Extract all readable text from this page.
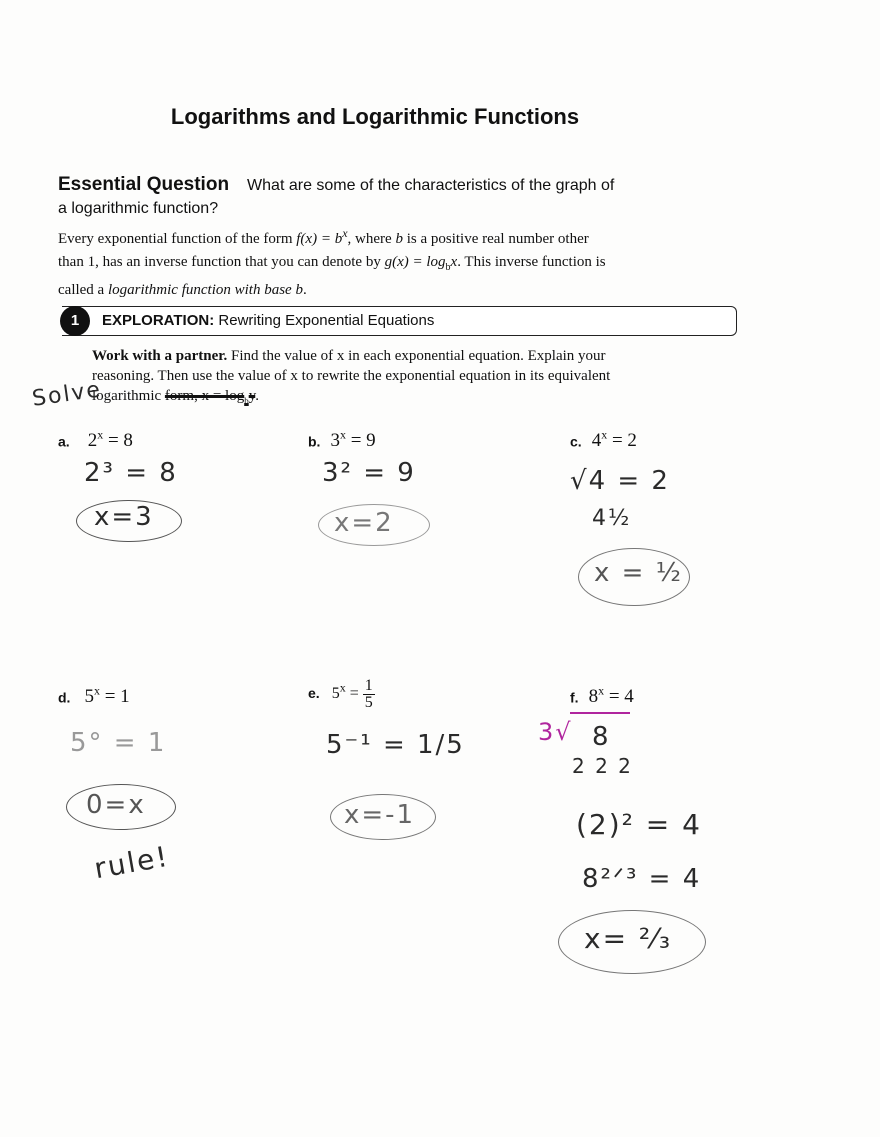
Logarithms and Logarithmic Functions
Essential Question What are some of the characteristics of the graph of
a logarithmic function?
Every exponential function of the form $f(x) = b^x$, where b is a positive real number other
than 1, has an inverse function that you can denote by $g(x) = \log_bx$. This inverse function is
called a logarithmic function with base b.
1	EXPLORATION: Rewriting Exponential Equations
Work with a partner. Find the value of x in each exponential equation. Explain your
reasoning. Then use the value of x to rewrite the exponential equation in its equivalent
logarithmic form, $x = \log_by$.
Solve
a. $2^x = 8$
2³ = 8
x=3
b. $3^x = 9$
3² = 9
x=2
c. $4^x = 2$
√4 = 2
4½
x = ½
d. $5^x = 1$
5° = 1
0=x
rule!
e. $5^x = \frac{1}{5}$
5⁻¹ = 1/5
x=-1
f. $8^x = 4$
3√ 8
2 2 2
(2)² = 4
8²ᐟ³ = 4
x= ²⁄₃
